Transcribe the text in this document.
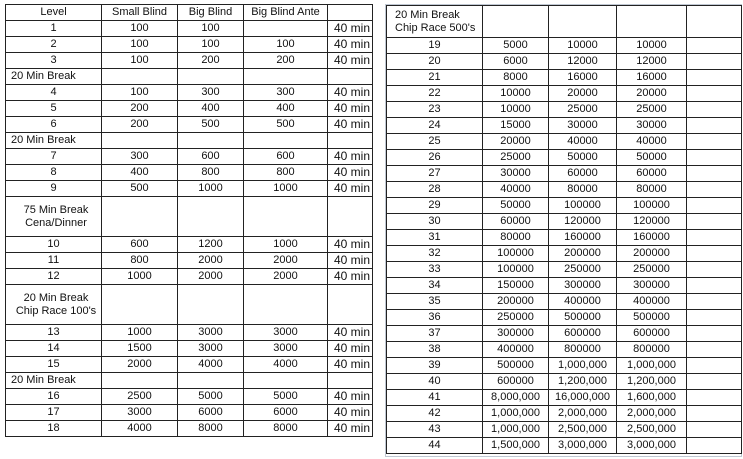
Level	Small Blind	Big Blind	Big Blind Ante	
1	100	100		40 min
2	100	100	100	40 min
3	100	200	200	40 min

20 Min Break				

4	100	300	300	40 min
5	200	400	400	40 min
6	200	500	500	40 min

20 Min Break				

7	300	600	600	40 min
8	400	800	800	40 min
9	500	1000	1000	40 min

75 Min Break
Cena/Dinner				

10	600	1200	1000	40 min
11	800	2000	2000	40 min
12	1000	2000	2000	40 min

20 Min Break
Chip Race 100's				

13	1000	3000	3000	40 min
14	1500	3000	3000	40 min
15	2000	4000	4000	40 min

20 Min Break				

16	2500	5000	5000	40 min
17	3000	6000	6000	40 min
18	4000	8000	8000	40 min
20 Min Break
Chip Race 500's				

19	5000	10000	10000	
20	6000	12000	12000	
21	8000	16000	16000	
22	10000	20000	20000	
23	10000	25000	25000	
24	15000	30000	30000	
25	20000	40000	40000	
26	25000	50000	50000	
27	30000	60000	60000	
28	40000	80000	80000	
29	50000	100000	100000	
30	60000	120000	120000	
31	80000	160000	160000	
32	100000	200000	200000	
33	100000	250000	250000	
34	150000	300000	300000	
35	200000	400000	400000	
36	250000	500000	500000	
37	300000	600000	600000	
38	400000	800000	800000	
39	500000	1,000,000	1,000,000	
40	600000	1,200,000	1,200,000	
41	8,000,000	16,000,000	1,600,000	
42	1,000,000	2,000,000	2,000,000	
43	1,000,000	2,500,000	2,500,000	
44	1,500,000	3,000,000	3,000,000	
